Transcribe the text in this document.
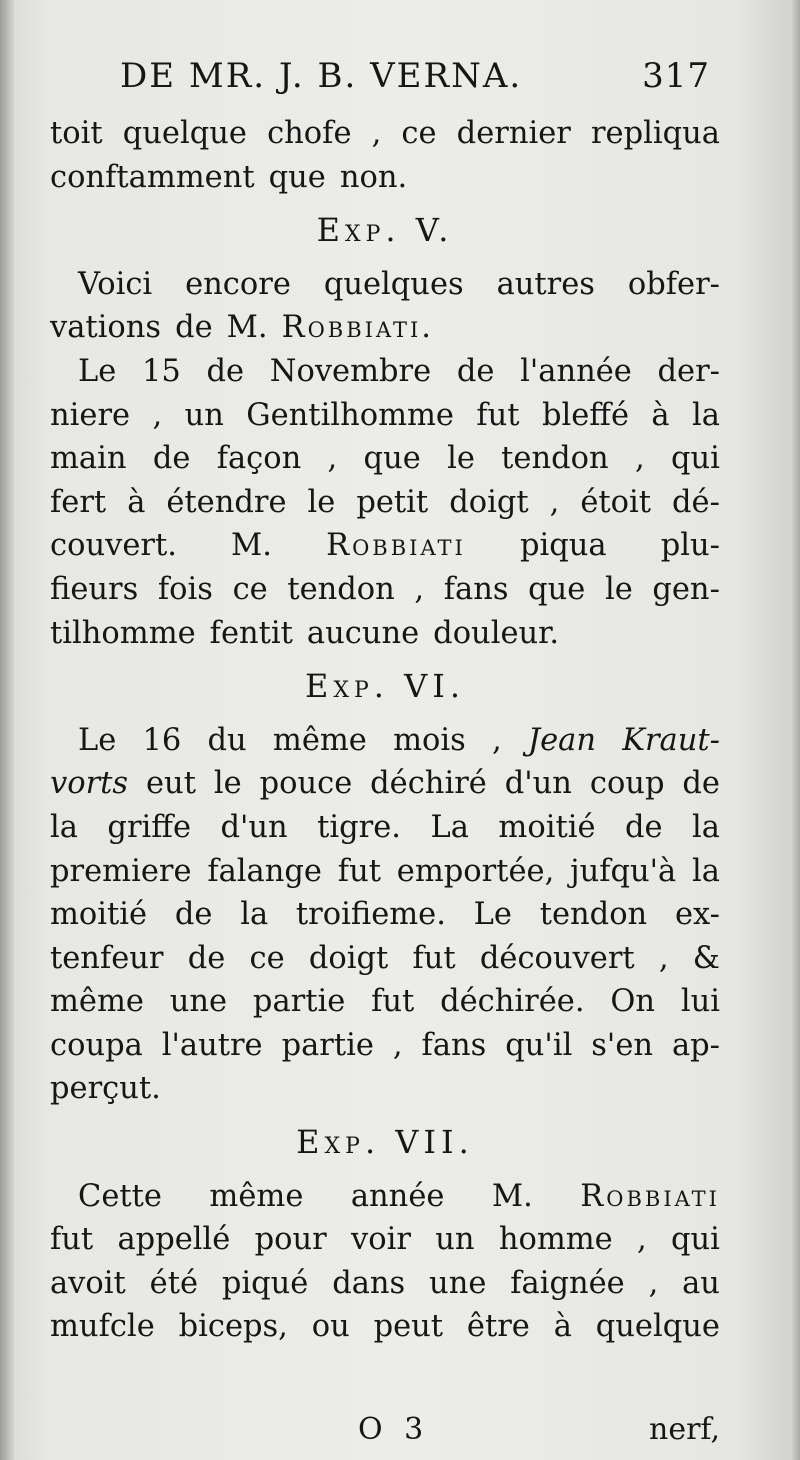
DE MR. J. B. VERNA.	317
toit quelque chofe , ce dernier repliqua
conftamment que non.
Exp. V.
Voici encore quelques autres obfer-
vations de M. Robbiati.
Le 15 de Novembre de l'année der-
niere , un Gentilhomme fut bleffé à la
main de façon , que le tendon , qui
fert à étendre le petit doigt , étoit dé-
couvert. M. Robbiati piqua plu-
fieurs fois ce tendon , fans que le gen-
tilhomme fentit aucune douleur.
Exp. VI.
Le 16 du même mois , Jean Kraut-
vorts eut le pouce déchiré d'un coup de
la griffe d'un tigre. La moitié de la
premiere falange fut emportée, jufqu'à la
moitié de la troifieme. Le tendon ex-
tenfeur de ce doigt fut découvert , &
même une partie fut déchirée. On lui
coupa l'autre partie , fans qu'il s'en ap-
perçut.
Exp. VII.
Cette même année M. Robbiati
fut appellé pour voir un homme , qui
avoit été piqué dans une faignée , au
mufcle biceps, ou peut être à quelque
O 3	nerf,
